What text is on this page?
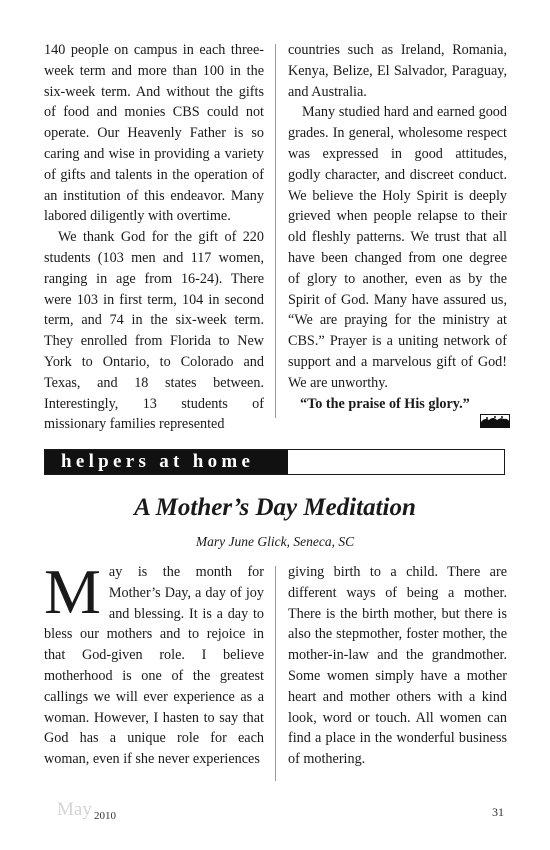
140 people on campus in each three-week term and more than 100 in the six-week term. And without the gifts of food and monies CBS could not operate. Our Heavenly Father is so caring and wise in providing a variety of gifts and talents in the operation of an institution of this endeavor. Many labored diligently with overtime.

We thank God for the gift of 220 students (103 men and 117 women, ranging in age from 16-24). There were 103 in first term, 104 in second term, and 74 in the six-week term. They enrolled from Florida to New York to Ontario, to Colorado and Texas, and 18 states between. Interestingly, 13 students of missionary families represented

countries such as Ireland, Romania, Kenya, Belize, El Salvador, Paraguay, and Australia.

Many studied hard and earned good grades. In general, wholesome respect was expressed in good attitudes, godly character, and discreet conduct. We believe the Holy Spirit is deeply grieved when people relapse to their old fleshly patterns. We trust that all have been changed from one degree of glory to another, even as by the Spirit of God. Many have assured us, “We are praying for the ministry at CBS.” Prayer is a uniting network of support and a marvelous gift of God! We are unworthy.

“To the praise of His glory.”

helpers at home
A Mother’s Day Meditation
Mary June Glick, Seneca, SC

May is the month for Mother’s Day, a day of joy and blessing. It is a day to bless our mothers and to rejoice in that God-given role. I believe motherhood is one of the greatest callings we will ever experience as a woman. However, I hasten to say that God has a unique role for each woman, even if she never experiences

giving birth to a child. There are different ways of being a mother. There is the birth mother, but there is also the stepmother, foster mother, the mother-in-law and the grandmother. Some women simply have a mother heart and mother others with a kind look, word or touch. All women can find a place in the wonderful business of mothering.

May 2010	31
